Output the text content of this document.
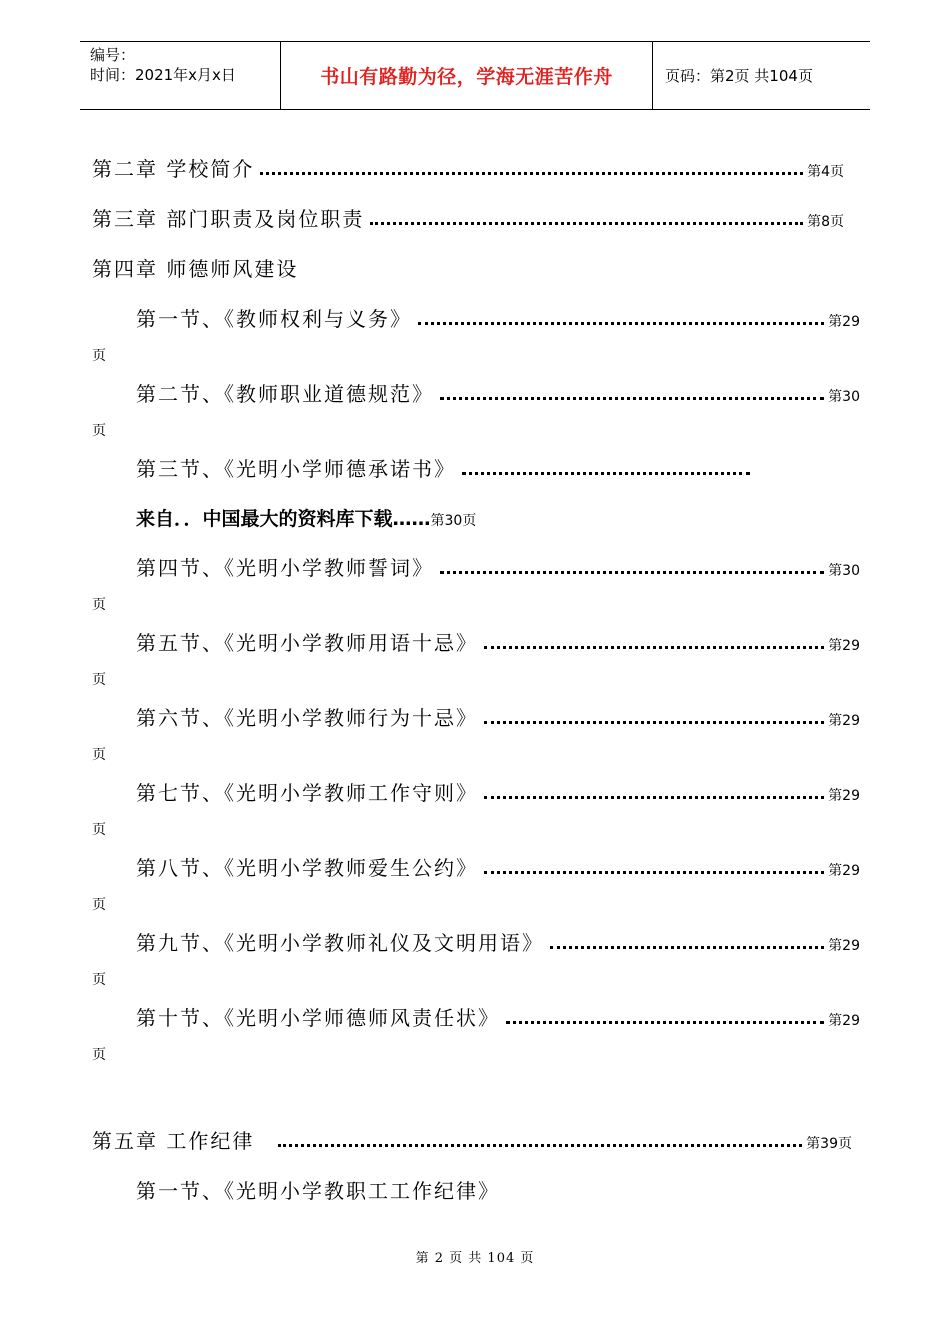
编号：
时间：2021年x月x日	书山有路勤为径，学海无涯苦作舟	页码：第2页 共104页
第二章 学校简介	第4页
第三章 部门职责及岗位职责	第8页
第四章 师德师风建设
第一节、《教师权利与义务》	第29
页
第二节、《教师职业道德规范》	第30
页
第三节、《光明小学师德承诺书》
来自．．中国最大的资料库下载…… 第30页
第四节、《光明小学教师誓词》	第30
页
第五节、《光明小学教师用语十忌》	第29
页
第六节、《光明小学教师行为十忌》	第29
页
第七节、《光明小学教师工作守则》	第29
页
第八节、《光明小学教师爱生公约》	第29
页
第九节、《光明小学教师礼仪及文明用语》	第29
页
第十节、《光明小学师德师风责任状》	第29
页
第五章 工作纪律	第39页
第一节、《光明小学教职工工作纪律》
第 2 页 共 104 页
